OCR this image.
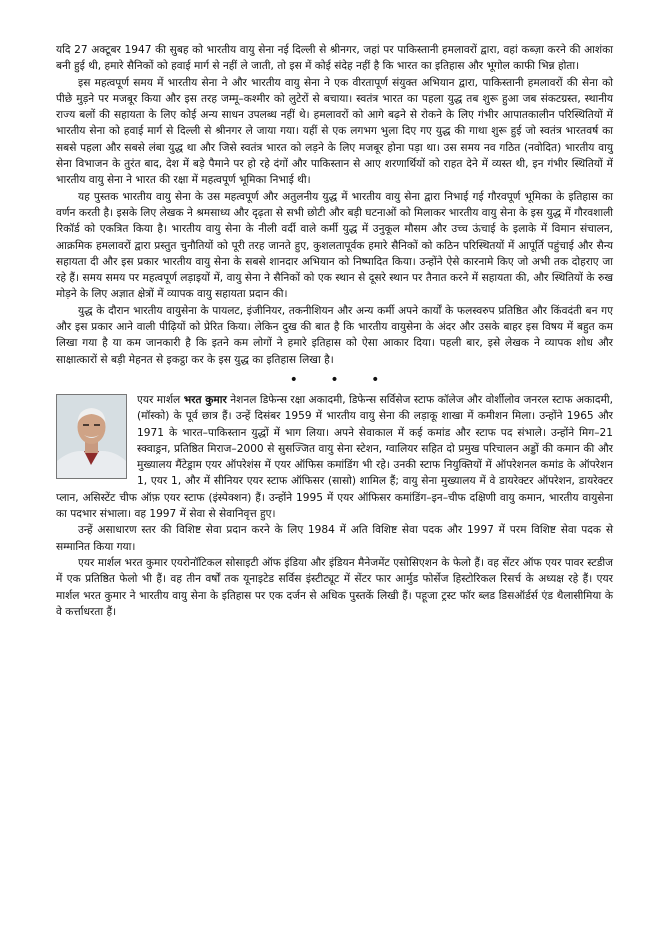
यदि 27 अक्टूबर 1947 की सुबह को भारतीय वायु सेना नई दिल्ली से श्रीनगर, जहां पर पाकिस्तानी हमलावरों द्वारा, वहां कब्ज़ा करने की आशंका बनी हुई थी, हमारे सैनिकों को हवाई मार्ग से नहीं ले जाती, तो इस में कोई संदेह नहीं है कि भारत का इतिहास और भूगोल काफी भिन्न होता।

इस महत्वपूर्ण समय में भारतीय सेना ने और भारतीय वायु सेना ने एक वीरतापूर्ण संयुक्त अभियान द्वारा, पाकिस्तानी हमलावरों की सेना को पीछे मुड़ने पर मजबूर किया और इस तरह जम्मू–कश्मीर को लुटेरों से बचाया। स्वतंत्र भारत का पहला युद्ध तब शुरू हुआ जब संकटग्रस्त, स्थानीय राज्य बलों की सहायता के लिए कोई अन्य साधन उपलब्ध नहीं थे। हमलावरों को आगे बढ़ने से रोकने के लिए गंभीर आपातकालीन परिस्थितियों में भारतीय सेना को हवाई मार्ग से दिल्ली से श्रीनगर ले जाया गया। यहीं से एक लगभग भुला दिए गए युद्ध की गाथा शुरू हुई जो स्वतंत्र भारतवर्ष का सबसे पहला और सबसे लंबा युद्ध था और जिसे स्वतंत्र भारत को लड़ने के लिए मजबूर होना पड़ा था। उस समय नव गठित (नवोदित) भारतीय वायु सेना विभाजन के तुरंत बाद, देश में बड़े पैमाने पर हो रहे दंगों और पाकिस्तान से आए शरणार्थियों को राहत देने में व्यस्त थी, इन गंभीर स्थितियों में भारतीय वायु सेना ने भारत की रक्षा में महत्वपूर्ण भूमिका निभाई थी।

यह पुस्तक भारतीय वायु सेना के उस महत्वपूर्ण और अतुलनीय युद्ध में भारतीय वायु सेना द्वारा निभाई गई गौरवपूर्ण भूमिका के इतिहास का वर्णन करती है। इसके लिए लेखक ने श्रमसाध्य और दृढ़ता से सभी छोटी और बड़ी घटनाओं को मिलाकर भारतीय वायु सेना के इस युद्ध में गौरवशाली रिकॉर्ड को एकत्रित किया है। भारतीय वायु सेना के नीली वर्दी वाले कर्मी युद्ध में उनुकूल मौसम और उच्च ऊंचाई के इलाके में विमान संचालन, आक्रमिक हमलावरों द्वारा प्रस्तुत चुनौतियों को पूरी तरह जानते हुए, कुशलतापूर्वक हमारे सैनिकों को कठिन परिस्थितयों में आपूर्ति पहुंचाई और सैन्य सहायता दी और इस प्रकार भारतीय वायु सेना के सबसे शानदार अभियान को निष्पादित किया। उन्होंने ऐसे कारनामे किए जो अभी तक दोहराए जा रहे हैं। समय समय पर महत्वपूर्ण लड़ाइयों में, वायु सेना ने सैनिकों को एक स्थान से दूसरे स्थान पर तैनात करने में सहायता की, और स्थितियों के रुख मोड़ने के लिए अज्ञात क्षेत्रों में व्यापक वायु सहायता प्रदान की।

युद्ध के दौरान भारतीय वायुसेना के पायलट, इंजीनियर, तकनीशियन और अन्य कर्मी अपने कार्यों के फलस्वरुप प्रतिष्ठित और किंवदंती बन गए और इस प्रकार आने वाली पीढ़ियों को प्रेरित किया। लेकिन दुख की बात है कि भारतीय वायुसेना के अंदर और उसके बाहर इस विषय में बहुत कम लिखा गया है या कम जानकारी है कि इतने कम लोगों ने हमारे इतिहास को ऐसा आकार दिया। पहली बार, इसे लेखक ने व्यापक शोध और साक्षात्कारों से बड़ी मेहनत से इकट्ठा कर के इस युद्ध का इतिहास लिखा है।

• • •

एयर मार्शल भरत कुमार नेशनल डिफेन्स रक्षा अकादमी, डिफेन्स सर्विसेज स्टाफ कॉलेज और वोर्शीलोव जनरल स्टाफ अकादमी, (मॉस्को) के पूर्व छात्र हैं। उन्हें दिसंबर 1959 में भारतीय वायु सेना की लड़ाकू शाखा में कमीशन मिला। उन्होंने 1965 और 1971 के भारत–पाकिस्तान युद्धों में भाग लिया। अपने सेवाकाल में कई कमांड और स्टाफ पद संभाले। उन्होंने मिग–21 स्क्वाड्रन, प्रतिष्ठित मिराज–2000 से सुसज्जित वायु सेना स्टेशन, ग्वालियर सहित दो प्रमुख परिचालन अड्डों की कमान की और मुख्यालय मैंटेड्राम एयर ऑपरेशंस में एयर ऑफिस कमांडिंग भी रहे। उनकी स्टाफ नियुक्तियों में ऑपरेशनल कमांड के ऑपरेशन 1, एयर 1, और में सीनियर एयर स्टाफ ऑफिसर (सासो) शामिल हैं; वायु सेना मुख्यालय में वे डायरेक्टर ऑपरेशन, डायरेक्टर प्लान, असिस्टेंट चीफ ऑफ़ एयर स्टाफ (इंस्पेक्शन) हैं। उन्होंने 1995 में एयर ऑफिसर कमांडिंग–इन–चीफ दक्षिणी वायु कमान, भारतीय वायुसेना का पदभार संभाला। वह 1997 में सेवा से सेवानिवृत्त हुए।

उन्हें असाधारण स्तर की विशिष्ट सेवा प्रदान करने के लिए 1984 में अति विशिष्ट सेवा पदक और 1997 में परम विशिष्ट सेवा पदक से सम्मानित किया गया।

एयर मार्शल भरत कुमार एयरोनॉटिकल सोसाइटी ऑफ इंडिया और इंडियन मैनेजमेंट एसोसिएशन के फेलो हैं। वह सेंटर ऑफ एयर पावर स्टडीज में एक प्रतिष्ठित फेलो भी हैं। वह तीन वर्षों तक यूनाइटेड सर्विस इंस्टीट्यूट में सेंटर फार आर्मुड फोर्सेज हिस्टोरिकल रिसर्च के अध्यक्ष रहे हैं। एयर मार्शल भरत कुमार ने भारतीय वायु सेना के इतिहास पर एक दर्जन से अधिक पुस्तकें लिखी हैं। पहूजा ट्रस्ट फॉर ब्लड डिसऑर्डर्स एंड थैलासीमिया के वे कर्त्ताधरता हैं।
